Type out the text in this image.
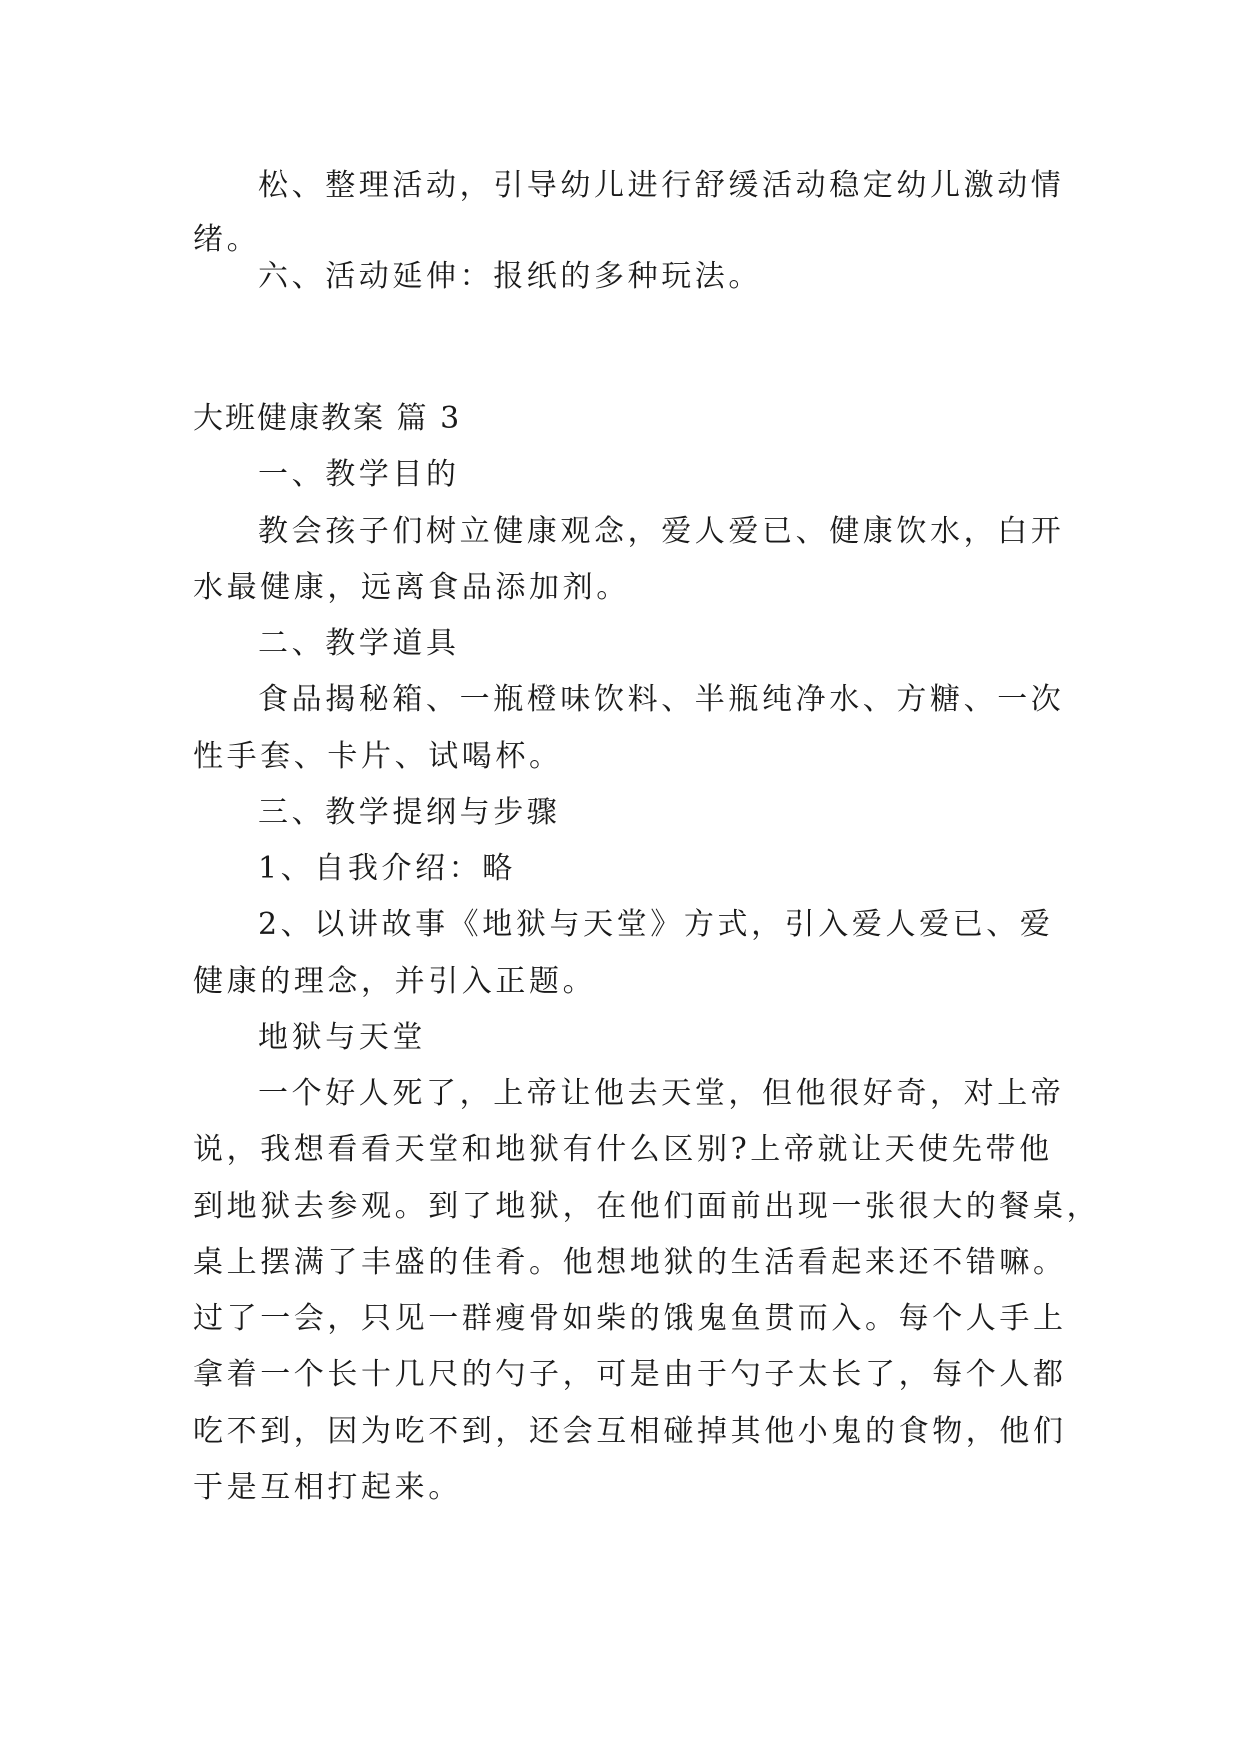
松、整理活动，引导幼儿进行舒缓活动稳定幼儿激动情
绪。
六、活动延伸：报纸的多种玩法。
大班健康教案 篇 3
一、教学目的
教会孩子们树立健康观念，爱人爱已、健康饮水，白开
水最健康，远离食品添加剂。
二、教学道具
食品揭秘箱、一瓶橙味饮料、半瓶纯净水、方糖、一次
性手套、卡片、试喝杯。
三、教学提纲与步骤
1、自我介绍：略
2、以讲故事《地狱与天堂》方式，引入爱人爱已、爱
健康的理念，并引入正题。
地狱与天堂
一个好人死了，上帝让他去天堂，但他很好奇，对上帝
说，我想看看天堂和地狱有什么区别?上帝就让天使先带他
到地狱去参观。到了地狱，在他们面前出现一张很大的餐桌，
桌上摆满了丰盛的佳肴。他想地狱的生活看起来还不错嘛。
过了一会，只见一群瘦骨如柴的饿鬼鱼贯而入。每个人手上
拿着一个长十几尺的勺子，可是由于勺子太长了，每个人都
吃不到，因为吃不到，还会互相碰掉其他小鬼的食物，他们
于是互相打起来。
